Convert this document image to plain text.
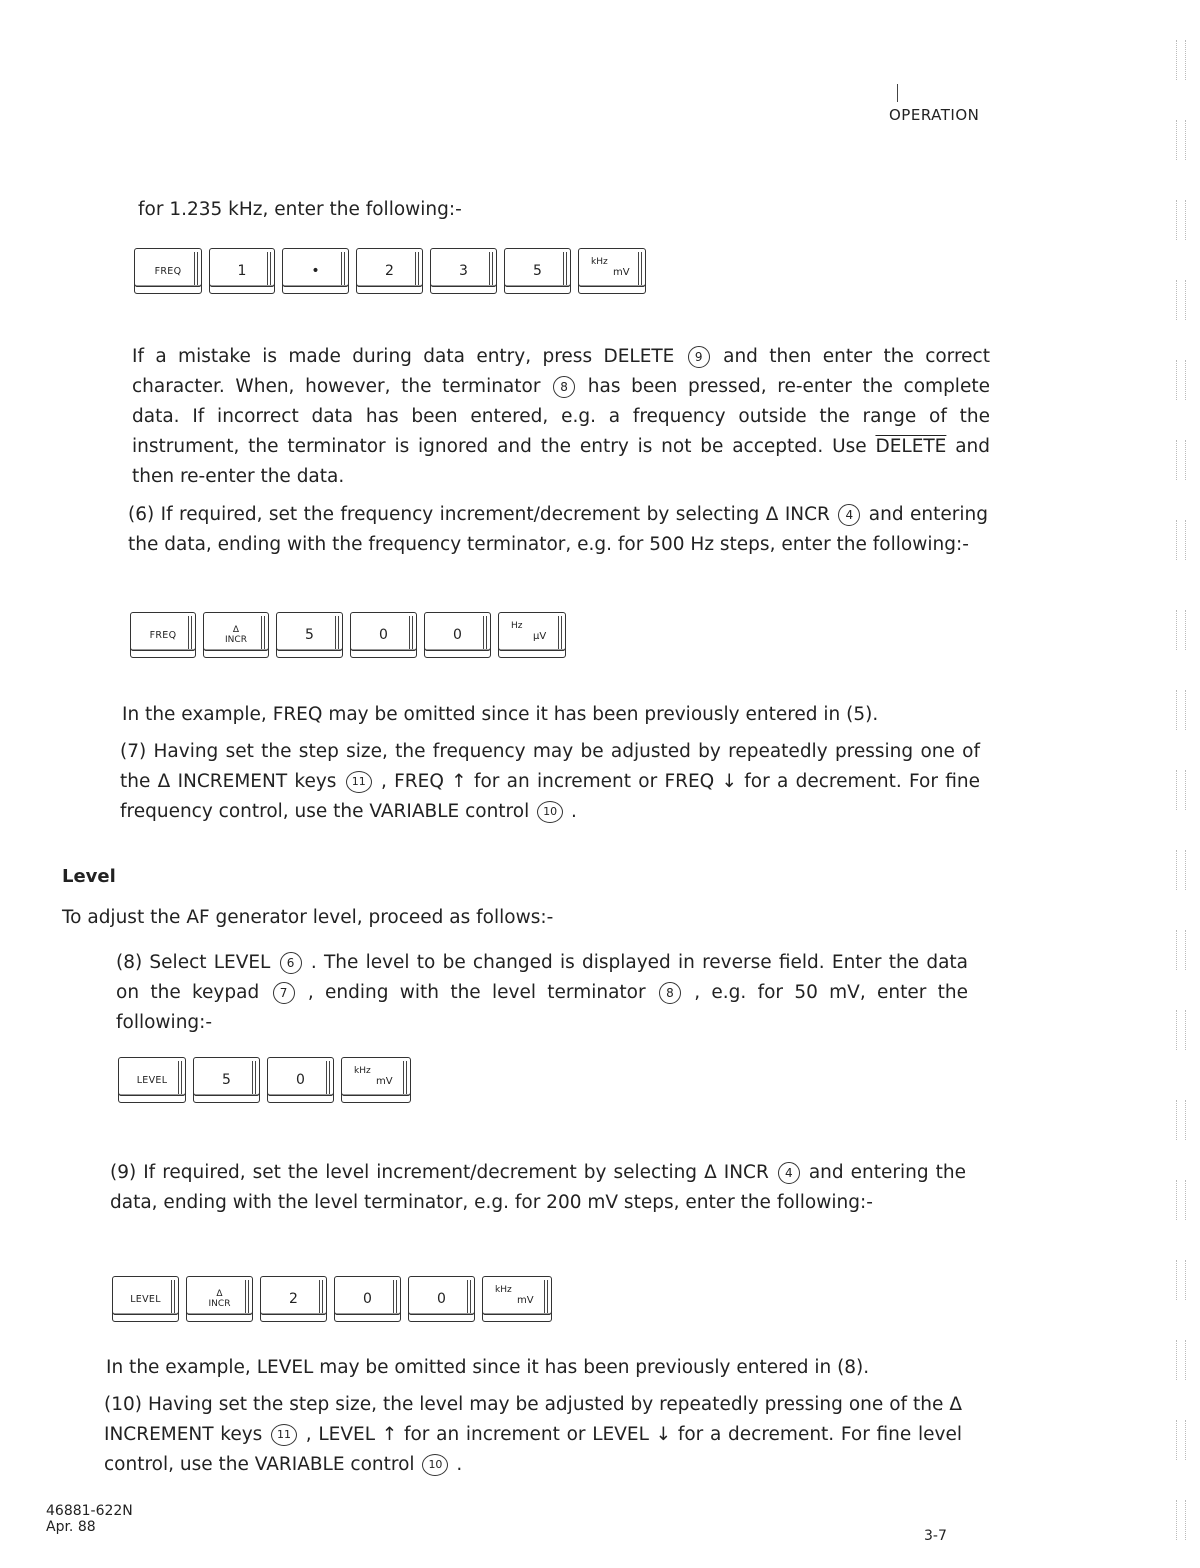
OPERATION
for 1.235 kHz, enter the following:-
FREQ	1	•	2	3	5
kHz
mV
If a mistake is made during data entry, press DELETE 9 and then enter the correct character. When, however, the terminator 8 has been pressed, re-enter the complete data. If incorrect data has been entered, e.g. a frequency outside the range of the instrument, the terminator is ignored and the entry is not be accepted. Use DELETE and then re-enter the data.
(6) If required, set the frequency increment/decrement by selecting Δ INCR 4 and entering the data, ending with the frequency terminator, e.g. for 500 Hz steps, enter the following:-
FREQ	Δ
INCR	5	0	0
Hz
µV
In the example, FREQ may be omitted since it has been previously entered in (5).
(7) Having set the step size, the frequency may be adjusted by repeatedly pressing one of the Δ INCREMENT keys 11 , FREQ ↑ for an increment or FREQ ↓ for a decrement. For fine frequency control, use the VARIABLE control 10 .
Level
To adjust the AF generator level, proceed as follows:-
(8) Select LEVEL 6 . The level to be changed is displayed in reverse field. Enter the data on the keypad 7 , ending with the level terminator 8 , e.g. for 50 mV, enter the following:-
LEVEL	5	0
kHz
mV
(9) If required, set the level increment/decrement by selecting Δ INCR 4 and entering the data, ending with the level terminator, e.g. for 200 mV steps, enter the following:-
LEVEL	Δ
INCR	2	0	0
kHz
mV
In the example, LEVEL may be omitted since it has been previously entered in (8).
(10) Having set the step size, the level may be adjusted by repeatedly pressing one of the Δ INCREMENT keys 11 , LEVEL ↑ for an increment or LEVEL ↓ for a decrement. For fine level control, use the VARIABLE control 10 .
46881-622N
Apr. 88
3-7
